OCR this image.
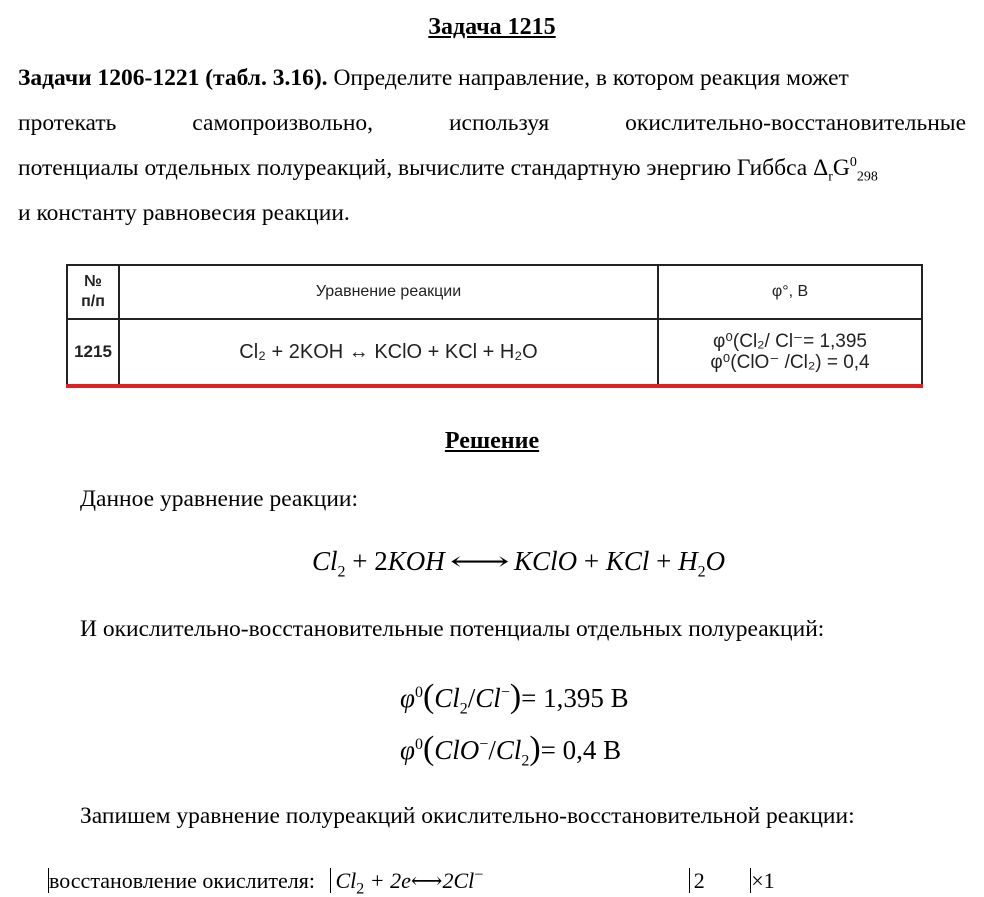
Задача 1215
Задачи 1206-1221 (табл. 3.16). Определите направление, в котором реакция может
протекать самопроизвольно, используя окислительно-восстановительные
потенциалы отдельных полуреакций, вычислите стандартную энергию Гиббса $\Delta_rG^0_{298}$
и константу равновесия реакции.
№
п/п	Уравнение реакции	φ°, В
1215	Cl₂ + 2KOH ↔ KClO + KCl + H₂O	φ⁰(Cl₂/ Cl⁻= 1,395
φ⁰(ClO⁻ /Cl₂) = 0,4
Решение
Данное уравнение реакции:
$Cl_2 + 2KOH$ ⟷ KClO + KCl + $H_2O$
И окислительно-восстановительные потенциалы отдельных полуреакций:
$\varphi^0(Cl_2/Cl^-)= 1,395$ В
$\varphi^0(ClO^-/Cl_2)= 0,4$ В
Запишем уравнение полуреакций окислительно-восстановительной реакции:
восстановление окислителя: $Cl_2$ + 2e⟷2Cl−	2 ×1
